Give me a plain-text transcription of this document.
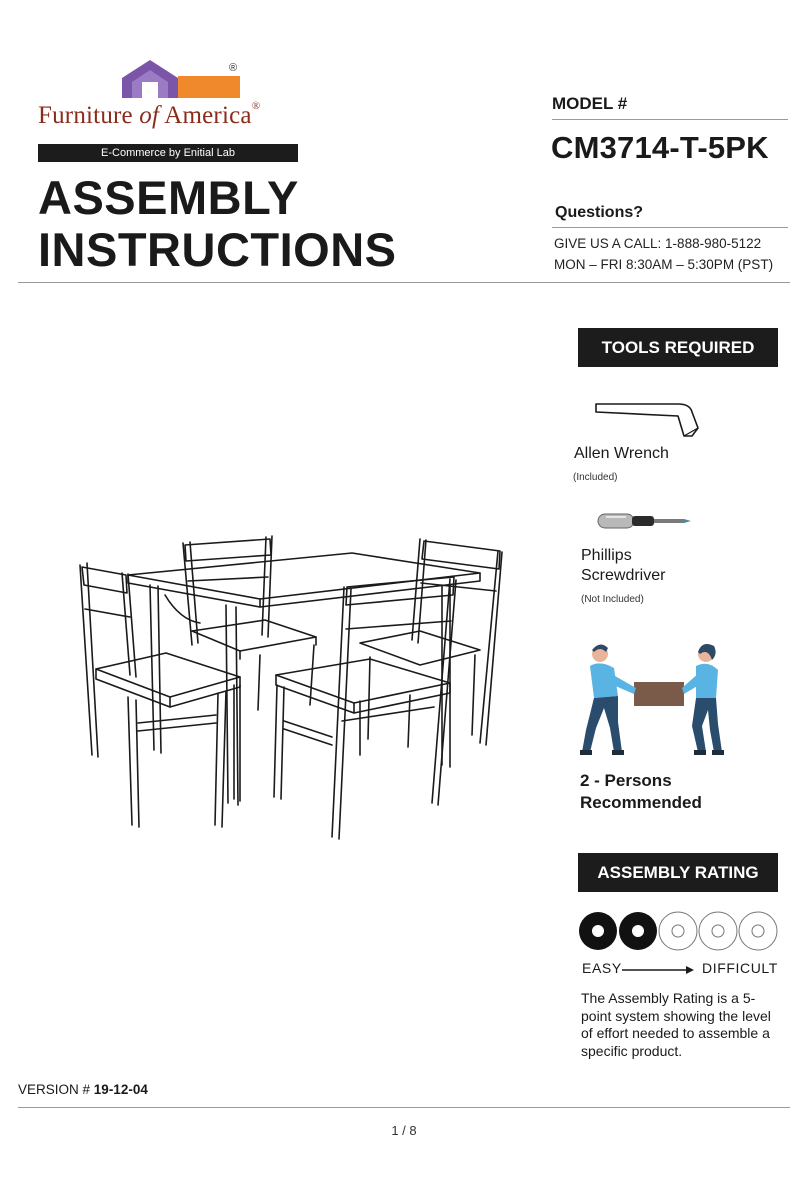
®
Furniture of America®
E-Commerce by Enitial Lab
ASSEMBLY
INSTRUCTIONS
MODEL #
CM3714-T-5PK
Questions?
GIVE US A CALL: 1-888-980-5122
MON – FRI 8:30AM – 5:30PM (PST)
TOOLS REQUIRED
Allen Wrench
(Included)
Phillips
Screwdriver
(Not Included)
2 - Persons
Recommended
ASSEMBLY RATING
EASY	DIFFICULT
The Assembly Rating is a 5-point system showing the level of effort needed to assemble a specific product.
VERSION # 19-12-04
1 / 8
